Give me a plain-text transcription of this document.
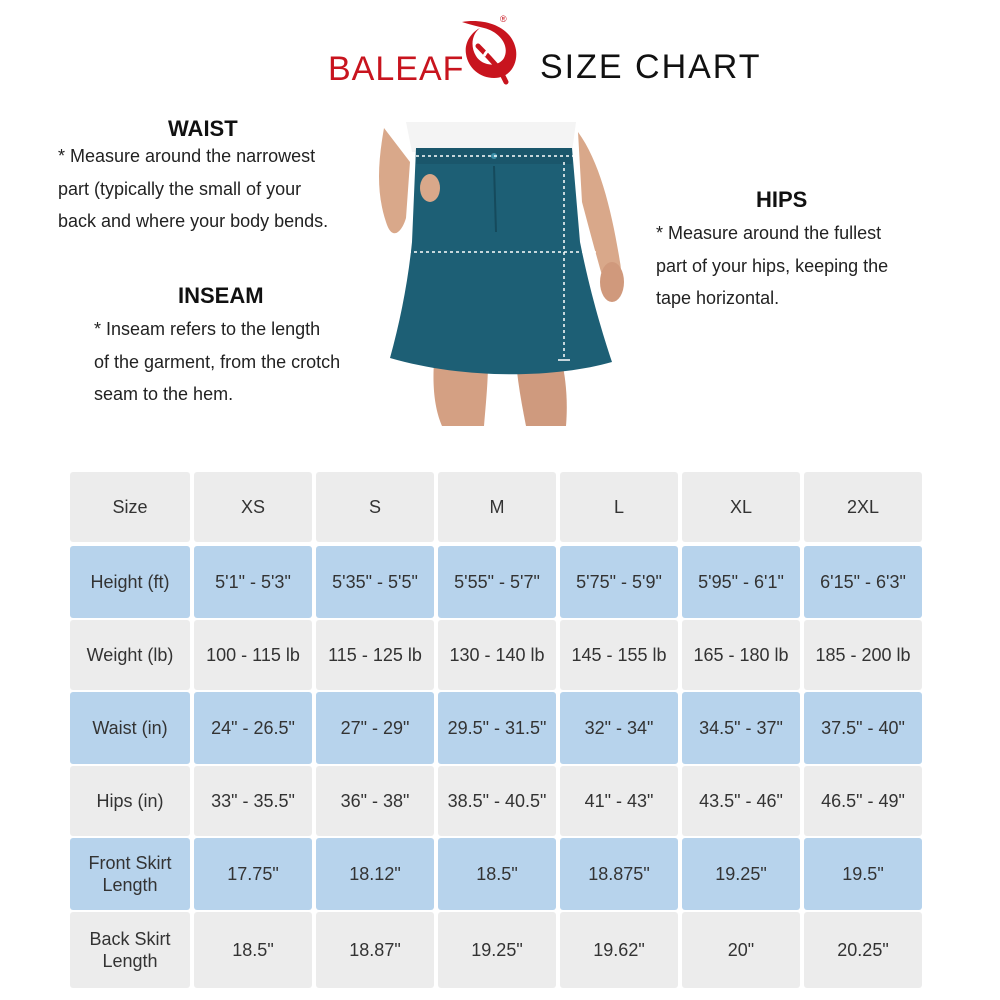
BALEAF
®
SIZE CHART
WAIST
* Measure around the narrowest
part (typically the small of your
back and where your body bends.
INSEAM
* Inseam refers to the length
of the garment, from the crotch
seam to the hem.
HIPS
* Measure around the fullest
part of your hips, keeping the
tape horizontal.
Size	XS	S	M	L	XL	2XL
Height (ft)	5'1" - 5'3"	5'35" - 5'5"	5'55" - 5'7"	5'75" - 5'9"	5'95" - 6'1"	6'15" - 6'3"
Weight (lb)	100 - 115 lb	115 - 125 lb	130 - 140 lb	145 - 155 lb	165 - 180 lb	185 - 200 lb
Waist (in)	24" - 26.5"	27" - 29"	29.5" - 31.5"	32" - 34"	34.5" - 37"	37.5" - 40"
Hips (in)	33" - 35.5"	36" - 38"	38.5" - 40.5"	41" - 43"	43.5" - 46"	46.5" - 49"
Front Skirt
Length
17.75"	18.12"	18.5"	18.875"	19.25"	19.5"
Back Skirt
Length
18.5"	18.87"	19.25"	19.62"	20"	20.25"
